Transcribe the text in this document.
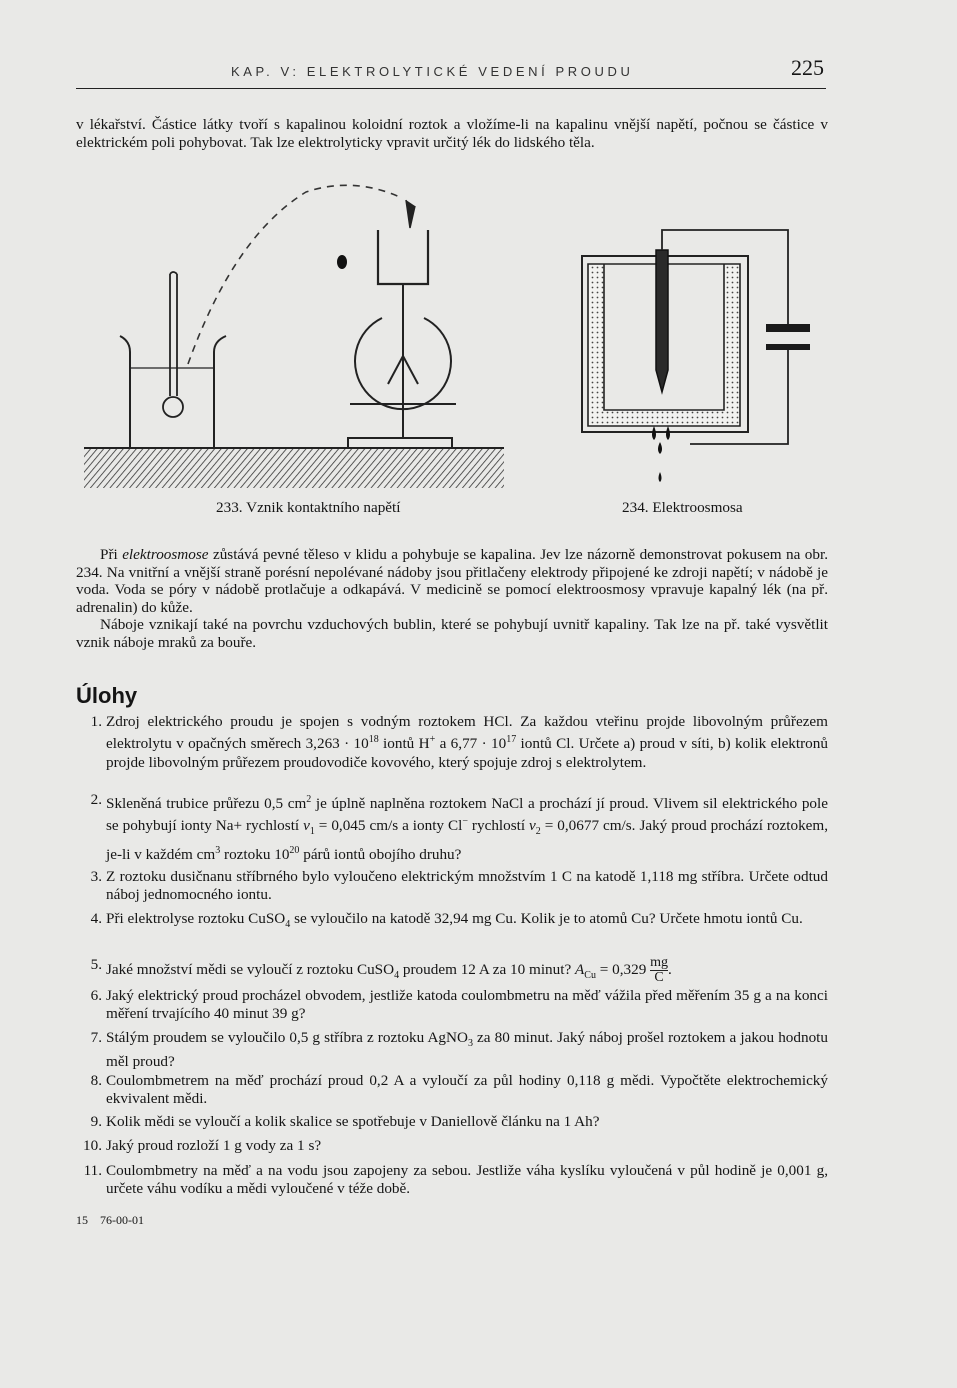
KAP. V: ELEKTROLYTICKÉ VEDENÍ PROUDU	225

v lékařství. Částice látky tvoří s kapalinou koloidní roztok a vložíme-li na kapalinu vnější napětí, počnou se částice v elektrickém poli pohybovat. Tak lze elektrolyticky vpravit určitý lék do lidského těla.

233. Vznik kontaktního napětí	234. Elektroosmosa

Při elektroosmose zůstává pevné těleso v klidu a pohybuje se kapalina. Jev lze názorně demonstrovat pokusem na obr. 234. Na vnitřní a vnější straně porésní nepolévané nádoby jsou přitlačeny elektrody připojené ke zdroji napětí; v nádobě je voda. Voda se póry v nádobě protlačuje a odkapává. V medicině se pomocí elektroosmosy vpravuje kapalný lék (na př. adrenalin) do kůže.

Náboje vznikají také na povrchu vzduchových bublin, které se pohybují uvnitř kapaliny. Tak lze na př. také vysvětlit vznik náboje mraků za bouře.

Úlohy
1. Zdroj elektrického proudu je spojen s vodným roztokem HCl. Za každou vteřinu projde libovolným průřezem elektrolytu v opačných směrech $3,263 \cdot 10^{18}$ iontů H+ a $6,77 \cdot 10^{17}$ iontů Cl. Určete a) proud v síti, b) kolik elektronů projde libovolným průřezem proudovodiče kovového, který spojuje zdroj s elektrolytem.
2. Skleněná trubice průřezu 0,5 $cm^2$ je úplně naplněna roztokem NaCl a prochází jí proud. Vlivem sil elektrického pole se pohybují ionty Na+ rychlostí $v_1 = 0,045$ cm/s a ionty Cl− rychlostí $v_2 = 0,0677$ cm/s. Jaký proud prochází roztokem, je-li v každém $cm^3$ roztoku $10^{20}$ párů iontů obojího druhu?
3. Z roztoku dusičnanu stříbrného bylo vyloučeno elektrickým množstvím 1 C na katodě 1,118 mg stříbra. Určete odtud náboj jednomocného iontu.
4. Při elektrolyse roztoku CuSO$_4$ se vyloučilo na katodě 32,94 mg Cu. Kolik je to atomů Cu? Určete hmotu iontů Cu.
5. Jaké množství mědi se vyloučí z roztoku CuSO$_4$ proudem 12 A za 10 minut? $A_{Cu} = 0,329 \frac{mg}{C}$ .
6. Jaký elektrický proud procházel obvodem, jestliže katoda coulombmetru na měď vážila před měřením 35 g a na konci měření trvajícího 40 minut 39 g?
7. Stálým proudem se vyloučilo 0,5 g stříbra z roztoku AgNO$_3$ za 80 minut. Jaký náboj prošel roztokem a jakou hodnotu měl proud?
8. Coulombmetrem na měď prochází proud 0,2 A a vyloučí za půl hodiny 0,118 g mědi. Vypočtěte elektrochemický ekvivalent mědi.
9. Kolik mědi se vyloučí a kolik skalice se spotřebuje v Daniellově článku na 1 Ah?
10. Jaký proud rozloží 1 g vody za 1 s?
11. Coulombmetry na měď a na vodu jsou zapojeny za sebou. Jestliže váha kyslíku vyloučená v půl hodině je 0,001 g, určete váhu vodíku a mědi vyloučené v téže době.
15 76-00-01
